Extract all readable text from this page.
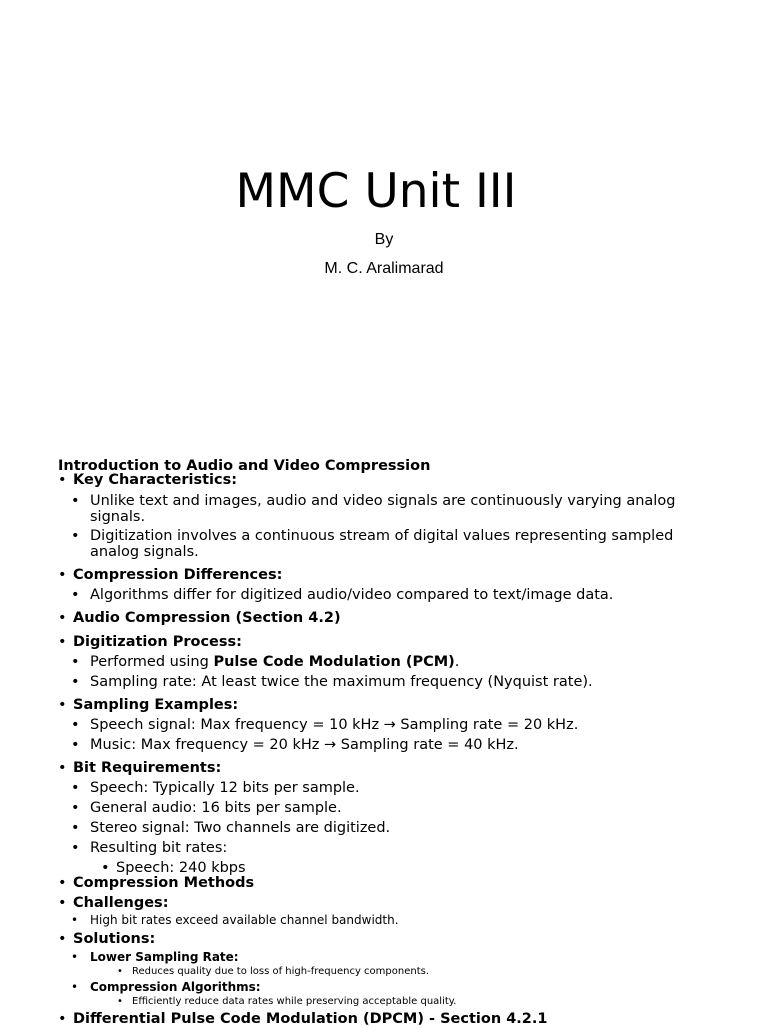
MMC Unit III

By

M. C. Aralimarad

Introduction to Audio and Video Compression

• Key Characteristics:
• Unlike text and images, audio and video signals are continuously varying analog signals.
• Digitization involves a continuous stream of digital values representing sampled analog signals.
• Compression Differences:
• Algorithms differ for digitized audio/video compared to text/image data.
• Audio Compression (Section 4.2)
• Digitization Process:
• Performed using Pulse Code Modulation (PCM).
• Sampling rate: At least twice the maximum frequency (Nyquist rate).
• Sampling Examples:
• Speech signal: Max frequency = 10 kHz → Sampling rate = 20 kHz.
• Music: Max frequency = 20 kHz → Sampling rate = 40 kHz.
• Bit Requirements:
• Speech: Typically 12 bits per sample.
• General audio: 16 bits per sample.
• Stereo signal: Two channels are digitized.
• Resulting bit rates:
• Speech: 240 kbps
• Compression Methods
• Challenges:
• High bit rates exceed available channel bandwidth.
• Solutions:
• Lower Sampling Rate:
• Reduces quality due to loss of high-frequency components.
• Compression Algorithms:
• Efficiently reduce data rates while preserving acceptable quality.
• Differential Pulse Code Modulation (DPCM) - Section 4.2.1
